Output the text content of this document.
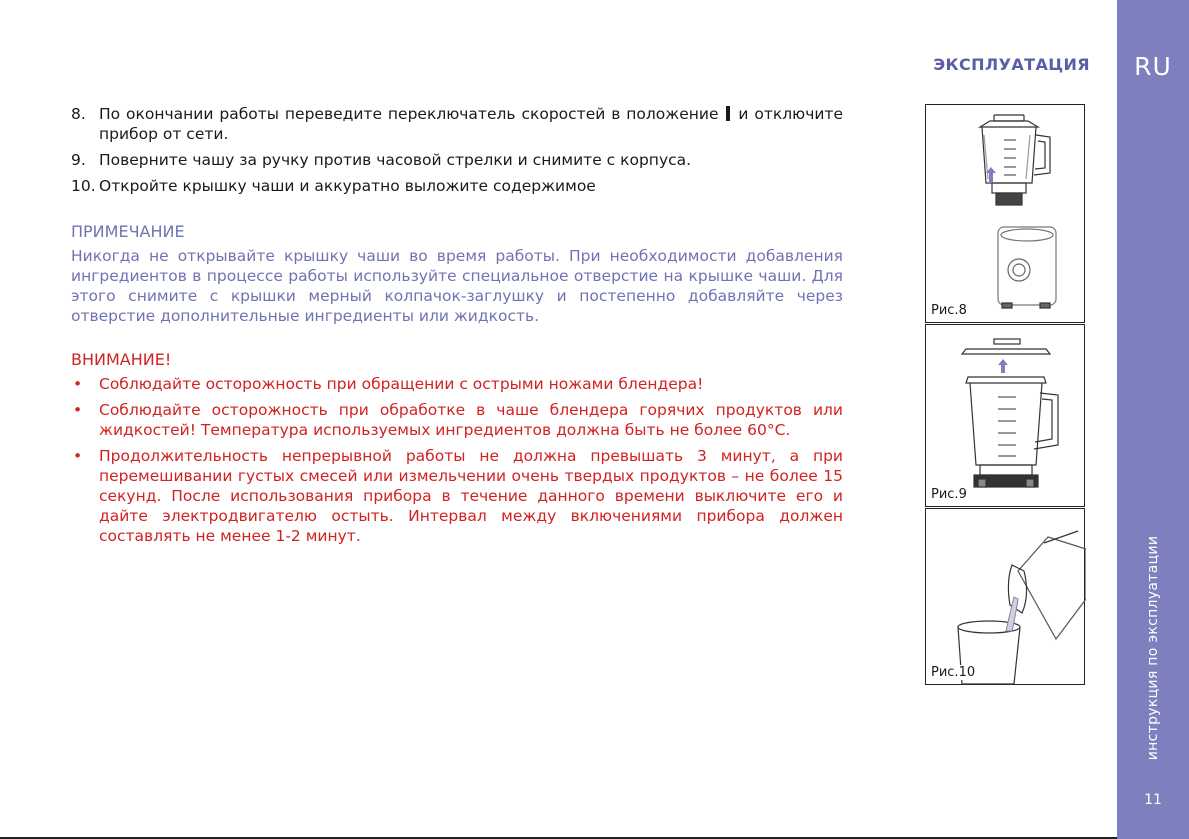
RU
инструкция по эксплуатации
11
ЭКСПЛУАТАЦИЯ
8. По окончании работы переведите переключатель скоростей в положение и отключите прибор от сети.
9. Поверните чашу за ручку против часовой стрелки и снимите с корпуса.
10. Откройте крышку чаши и аккуратно выложите содержимое
ПРИМЕЧАНИЕ
Никогда не открывайте крышку чаши во время работы. При необходимости добавления ингредиентов в процессе работы используйте специальное отверстие на крышке чаши. Для этого снимите с крышки мерный колпачок-заглушку и постепенно добавляйте через отверстие дополнительные ингредиенты или жидкость.
ВНИМАНИЕ!
• Соблюдайте осторожность при обращении с острыми ножами блендера!
• Соблюдайте осторожность при обработке в чаше блендера горячих продуктов или жидкостей! Температура используемых ингредиентов должна быть не более 60°C.
• Продолжительность непрерывной работы не должна превышать 3 минут, а при перемешивании густых смесей или измельчении очень твердых продуктов – не более 15 секунд. После использования прибора в течение данного времени выключите его и дайте электродвигателю остыть. Интервал между включениями прибора должен составлять не менее 1-2 минут.
Рис.8
Рис.9
Рис.10
